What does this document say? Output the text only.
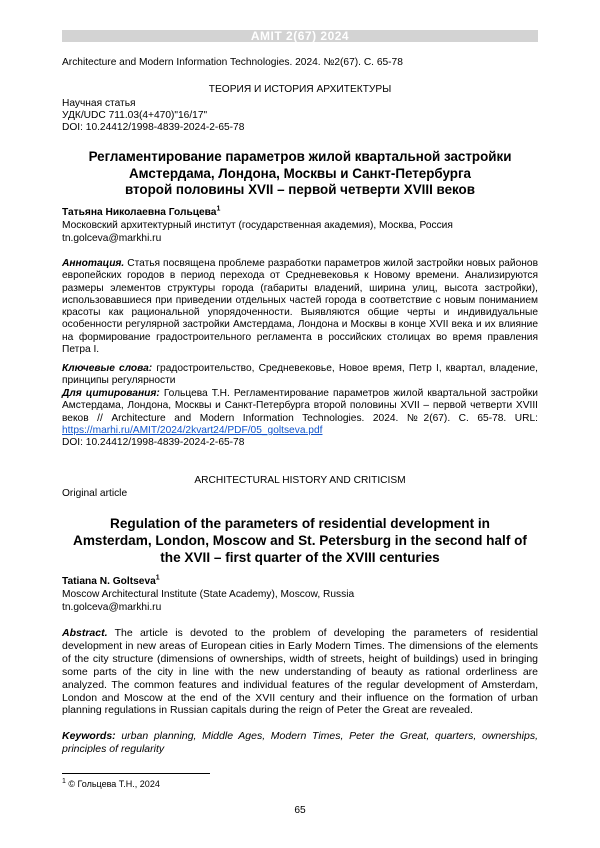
AMIT 2(67) 2024
Architecture and Modern Information Technologies. 2024. №2(67). С. 65-78
ТЕОРИЯ И ИСТОРИЯ АРХИТЕКТУРЫ
Научная статья
УДК/UDC 711.03(4+470)"16/17"
DOI: 10.24412/1998-4839-2024-2-65-78
Регламентирование параметров жилой квартальной застройки
Амстердама, Лондона, Москвы и Санкт-Петербурга
второй половины XVII – первой четверти XVIII веков
Татьяна Николаевна Гольцева$^1$
Московский архитектурный институт (государственная академия), Москва, Россия
tn.golceva@markhi.ru
Аннотация. Статья посвящена проблеме разработки параметров жилой застройки новых районов европейских городов в период перехода от Средневековья к Новому времени. Анализируются размеры элементов структуры города (габариты владений, ширина улиц, высота застройки), использовавшиеся при приведении отдельных частей города в соответствие с новым пониманием красоты как рациональной упорядоченности. Выявляются общие черты и индивидуальные особенности регулярной застройки Амстердама, Лондона и Москвы в конце XVII века и их влияние на формирование градостроительного регламента в российских столицах во время правления Петра I.
Ключевые слова: градостроительство, Средневековье, Новое время, Петр I, квартал, владение, принципы регулярности
Для цитирования: Гольцева Т.Н. Регламентирование параметров жилой квартальной застройки Амстердама, Лондона, Москвы и Санкт-Петербурга второй половины XVII – первой четверти XVIII веков // Architecture and Modern Information Technologies. 2024. №2(67). С. 65-78. URL: https://marhi.ru/AMIT/2024/2kvart24/PDF/05_goltseva.pdf
DOI: 10.24412/1998-4839-2024-2-65-78
ARCHITECTURAL HISTORY AND CRITICISM
Original article
Regulation of the parameters of residential development in
Amsterdam, London, Moscow and St. Petersburg in the second half of
the XVII – first quarter of the XVIII centuries
Tatiana N. Goltseva$^1$
Moscow Architectural Institute (State Academy), Moscow, Russia
tn.golceva@markhi.ru
Abstract. The article is devoted to the problem of developing the parameters of residential development in new areas of European cities in Early Modern Times. The dimensions of the elements of the city structure (dimensions of ownerships, width of streets, height of buildings) used in bringing some parts of the city in line with the new understanding of beauty as rational orderliness are analyzed. The common features and individual features of the regular development of Amsterdam, London and Moscow at the end of the XVII century and their influence on the formation of urban planning regulations in Russian capitals during the reign of Peter the Great are revealed.
Keywords: urban planning, Middle Ages, Modern Times, Peter the Great, quarters, ownerships, principles of regularity
$^1$ © Гольцева Т.Н., 2024
65
